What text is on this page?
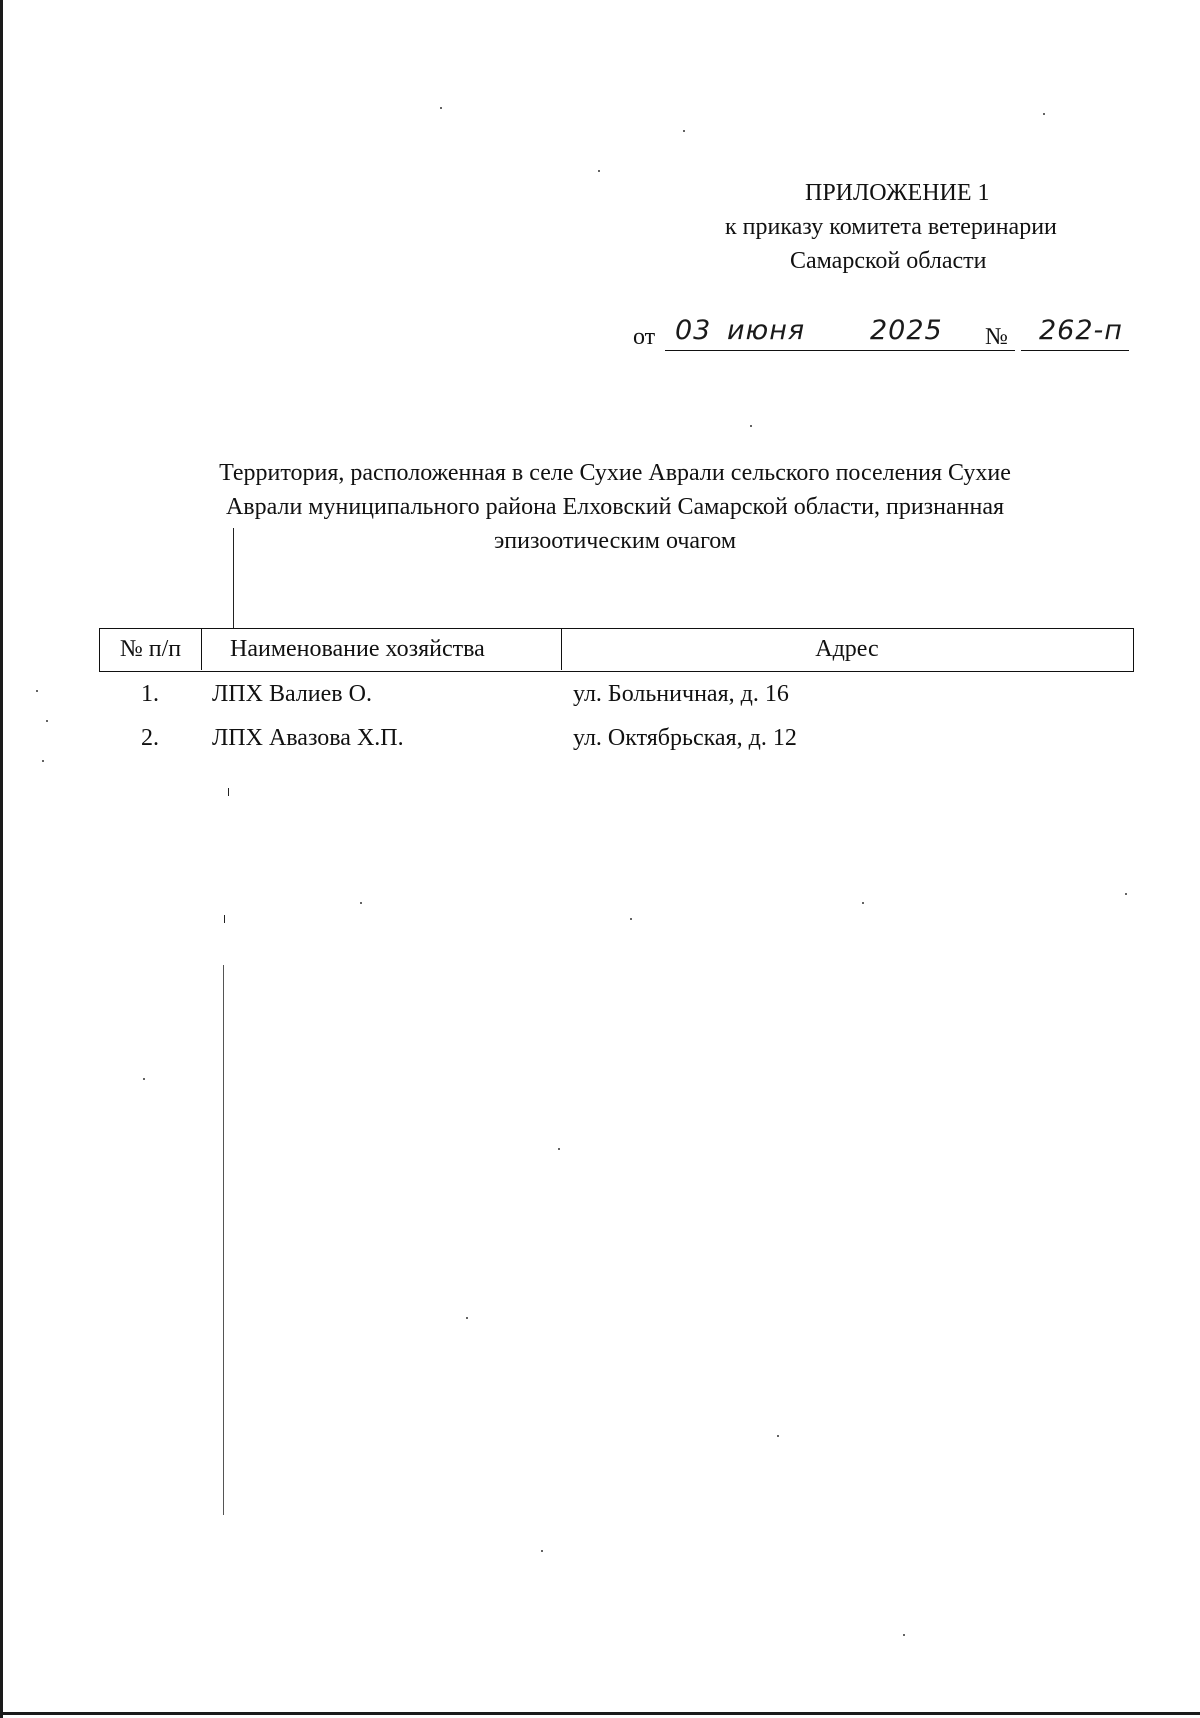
ПРИЛОЖЕНИЕ 1
к приказу комитета ветеринарии
Самарской области
от 03 июня 2025 № 262-п
Территория, расположенная в селе Сухие Аврали сельского поселения Сухие
Аврали муниципального района Елховский Самарской области, признанная
эпизоотическим очагом
№ п/п	Наименование хозяйства	Адрес
1.	ЛПХ Валиев О.	ул. Больничная, д. 16
2.	ЛПХ Авазова Х.П.	ул. Октябрьская, д. 12
